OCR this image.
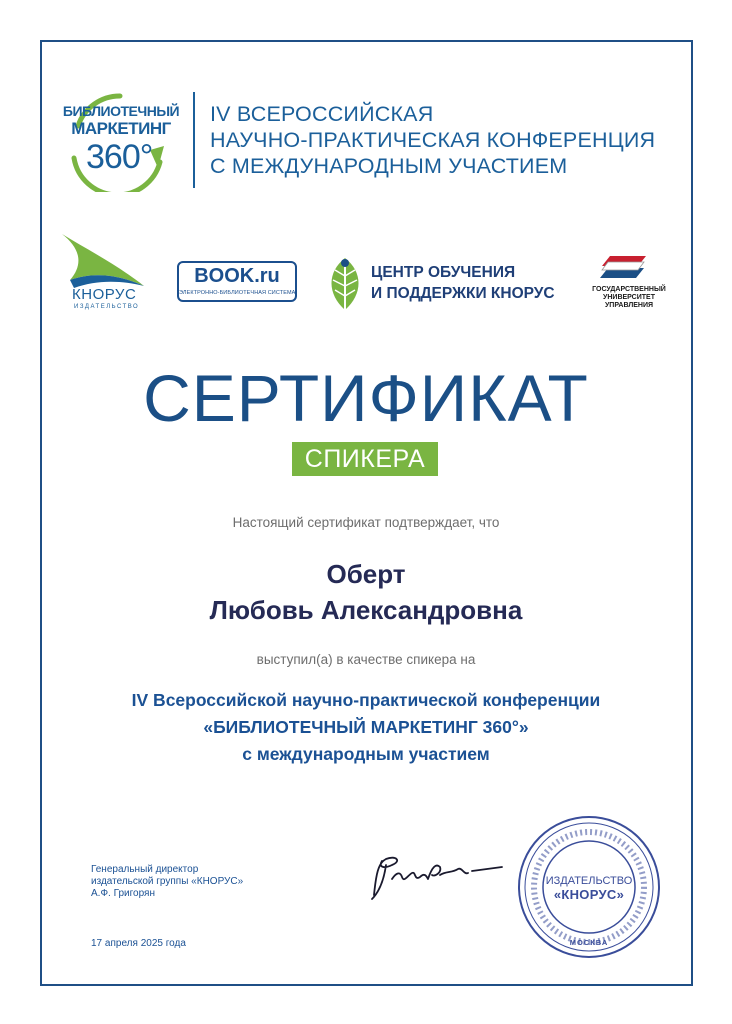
БИБЛИОТЕЧНЫЙ
МАРКЕТИНГ
360°
IV ВСЕРОССИЙСКАЯ
НАУЧНО-ПРАКТИЧЕСКАЯ КОНФЕРЕНЦИЯ
С МЕЖДУНАРОДНЫМ УЧАСТИЕМ
КНОРУС
ИЗДАТЕЛЬСТВО
BOOK.ru
ЭЛЕКТРОННО-БИБЛИОТЕЧНАЯ СИСТЕМА
ЦЕНТР ОБУЧЕНИЯ
И ПОДДЕРЖКИ КНОРУС	ГОСУДАРСТВЕННЫЙ
УНИВЕРСИТЕТ
УПРАВЛЕНИЯ
СЕРТИФИКАТ
СПИКЕРА
Настоящий сертификат подтверждает, что
Оберт
Любовь Александровна
выступил(а) в качестве спикера на
IV Всероссийской научно-практической конференции
«БИБЛИОТЕЧНЫЙ МАРКЕТИНГ 360°»
с международным участием
Генеральный директор
издательской группы «КНОРУС»
А.Ф. Григорян
17 апреля 2025 года
ИЗДАТЕЛЬСТВО
«КНОРУС»
МОСКВА
